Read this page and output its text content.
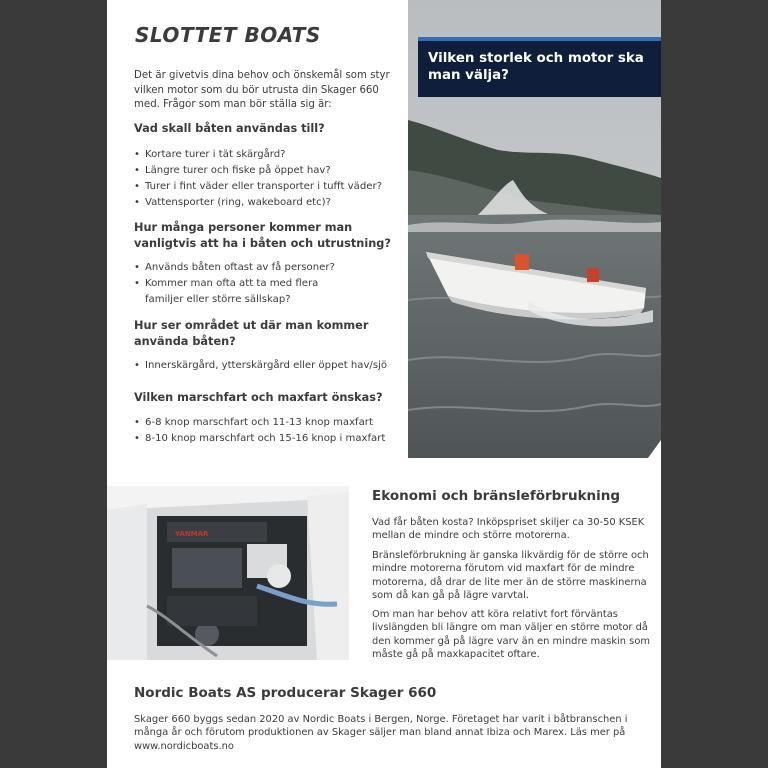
SLOTTET BOATS
Det är givetvis dina behov och önskemål som styr vilken motor som du bör utrusta din Skager 660 med. Frågor som man bör ställa sig är:
Vad skall båten användas till?
• Kortare turer i tät skärgård?
• Längre turer och fiske på öppet hav?
• Turer i fint väder eller transporter i tufft väder?
• Vattensporter (ring, wakeboard etc)?
Hur många personer kommer man vanligtvis att ha i båten och utrustning?
• Används båten oftast av få personer?
• Kommer man ofta att ta med flera familjer eller större sällskap?
Hur ser området ut där man kommer använda båten?
• Innerskärgård, ytterskärgård eller öppet hav/sjö
Vilken marschfart och maxfart önskas?
• 6-8 knop marschfart och 11-13 knop maxfart
• 8-10 knop marschfart och 15-16 knop i maxfart
Vilken storlek och motor ska man välja?
YANMAR
Ekonomi och bränsleförbrukning

Vad får båten kosta? Inköpspriset skiljer ca 30-50 KSEK mellan de mindre och större motorerna.

Bränsleförbrukning är ganska likvärdig för de större och mindre motorerna förutom vid maxfart för de mindre motorerna, då drar de lite mer än de större maskinerna som då kan gå på lägre varvtal.

Om man har behov att köra relativt fort förväntas livslängden bli längre om man väljer en större motor då den kommer gå på lägre varv än en mindre maskin som måste gå på maxkapacitet oftare.

Nordic Boats AS producerar Skager 660

Skager 660 byggs sedan 2020 av Nordic Boats i Bergen, Norge. Företaget har varit i båtbranschen i många år och förutom produktionen av Skager säljer man bland annat Ibiza och Marex. Läs mer på www.nordicboats.no
